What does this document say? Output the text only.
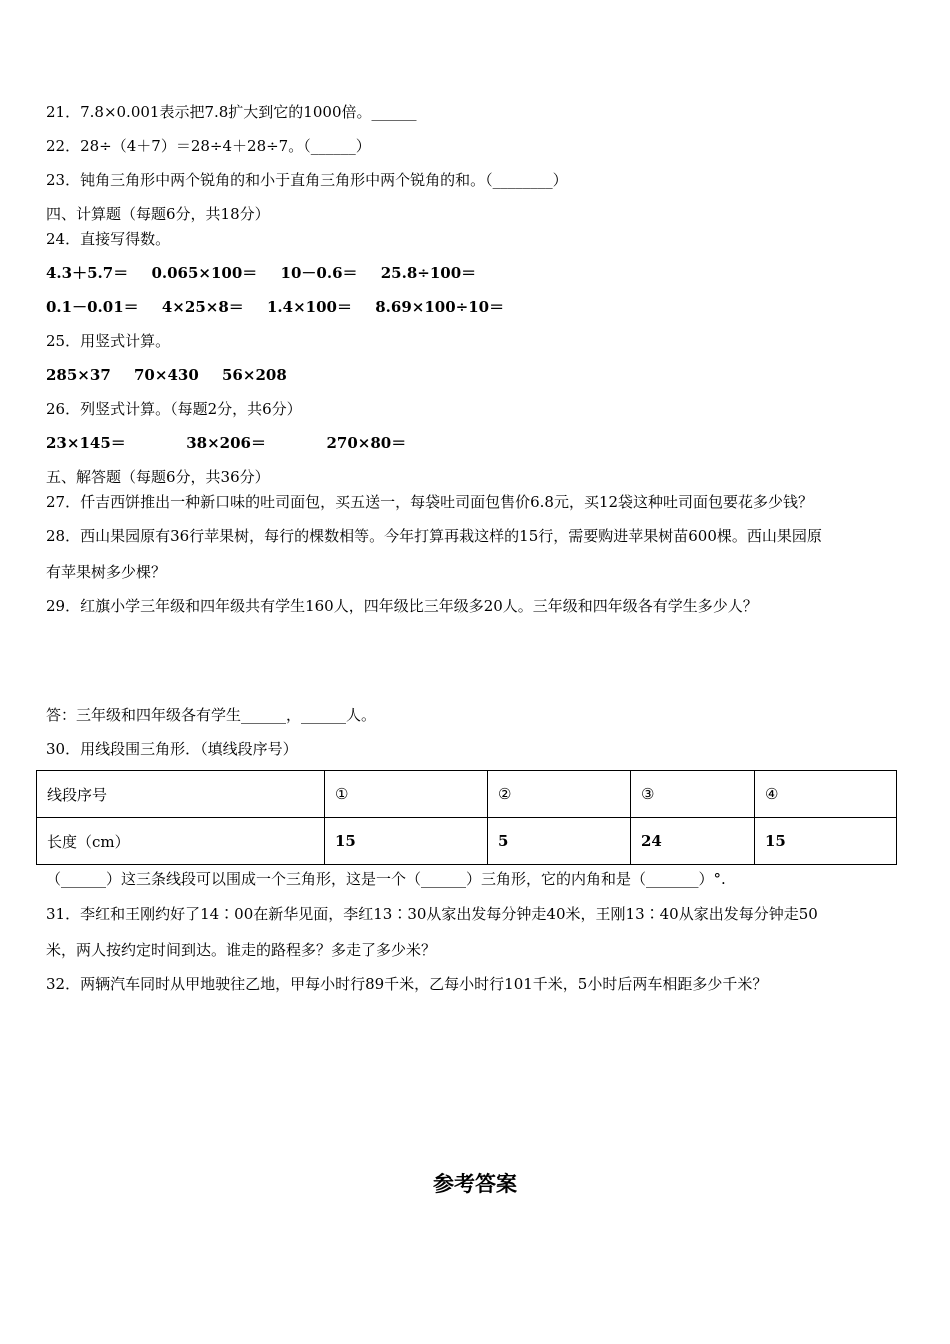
21．7.8×0.001表示把7.8扩大到它的1000倍。______
22．28÷（4＋7）＝28÷4＋28÷7。（______）
23．钝角三角形中两个锐角的和小于直角三角形中两个锐角的和。（________）
四、计算题（每题6分，共18分）
24．直接写得数。
4.3＋5.7＝ 0.065×100＝ 10－0.6＝ 25.8÷100＝
0.1－0.01＝ 4×25×8＝ 1.4×100＝ 8.69×100÷10＝
25．用竖式计算。
285×37 70×430 56×208
26．列竖式计算。（每题2分，共6分）
23×145＝	38×206＝	270×80＝
五、解答题（每题6分，共36分）
27．仟吉西饼推出一种新口味的吐司面包，买五送一，每袋吐司面包售价6.8元，买12袋这种吐司面包要花多少钱？
28．西山果园原有36行苹果树，每行的棵数相等。今年打算再栽这样的15行，需要购进苹果树苗600棵。西山果园原
有苹果树多少棵？
29．红旗小学三年级和四年级共有学生160人，四年级比三年级多20人。三年级和四年级各有学生多少人？
答：三年级和四年级各有学生______，______人。
30．用线段围三角形．（填线段序号）
线段序号	①	②	③	④
长度（cm）	15	5	24	15
（______）这三条线段可以围成一个三角形，这是一个（______）三角形，它的内角和是（_______）°.
31．李红和王刚约好了14∶00在新华见面，李红13∶30从家出发每分钟走40米，王刚13∶40从家出发每分钟走50
米，两人按约定时间到达。谁走的路程多？多走了多少米？
32．两辆汽车同时从甲地驶往乙地，甲每小时行89千米，乙每小时行101千米，5小时后两车相距多少千米？
参考答案
